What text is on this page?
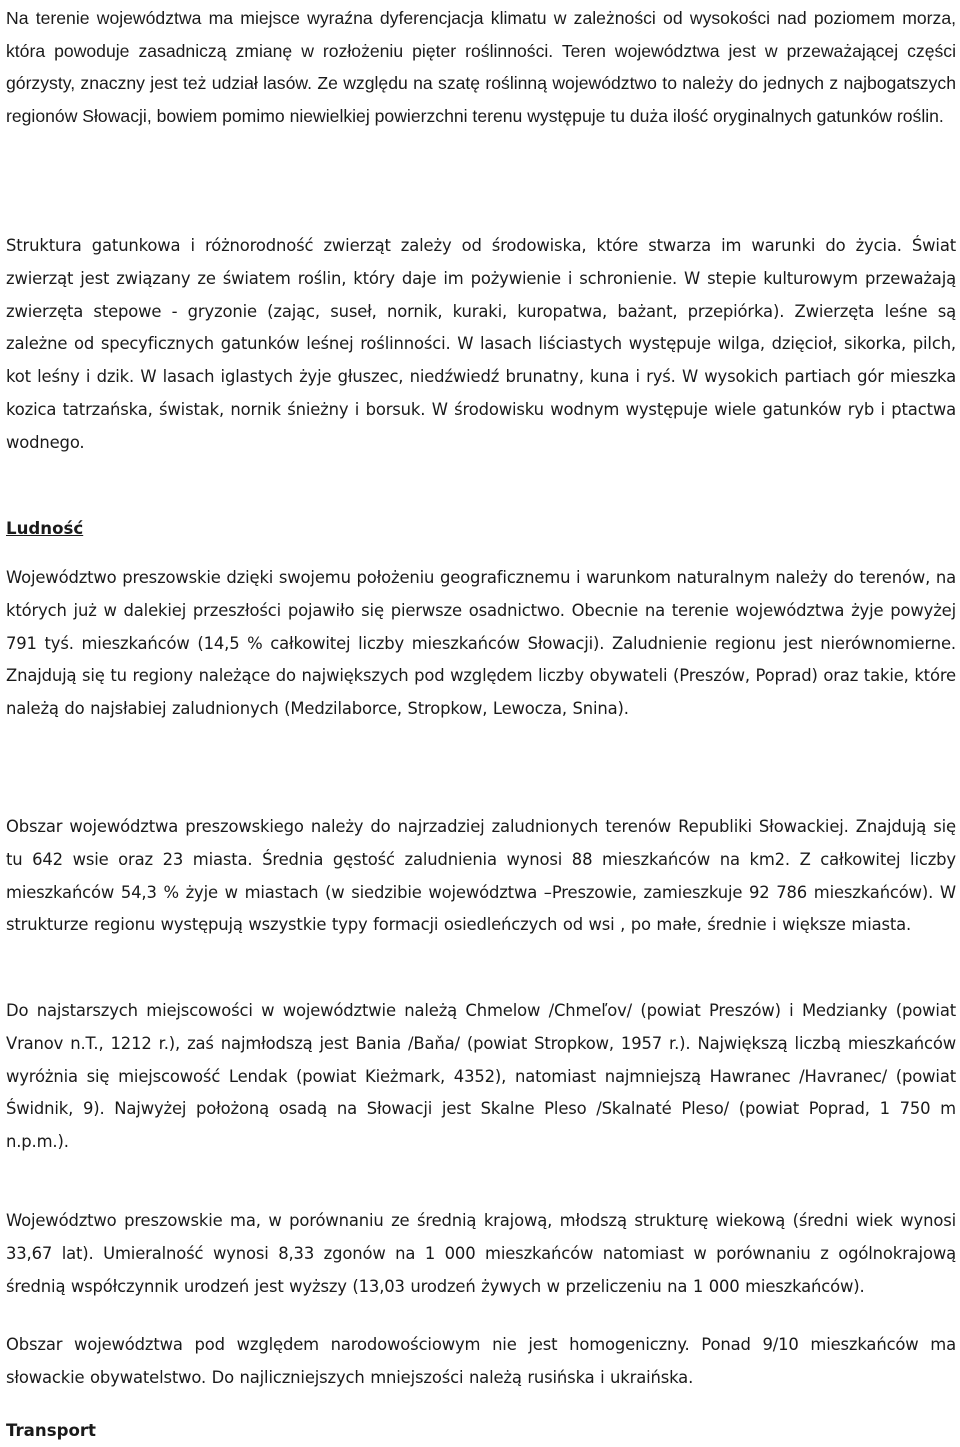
Na terenie województwa ma miejsce wyraźna dyferencjacja klimatu w zależności od wysokości nad poziomem morza, która powoduje zasadniczą zmianę w rozłożeniu pięter roślinności. Teren województwa jest w przeważającej części górzysty, znaczny jest też udział lasów. Ze względu na szatę roślinną województwo to należy do jednych z najbogatszych regionów Słowacji, bowiem pomimo niewielkiej powierzchni terenu występuje tu duża ilość oryginalnych gatunków roślin.

Struktura gatunkowa i różnorodność zwierząt zależy od środowiska, które stwarza im warunki do życia. Świat zwierząt jest związany ze światem roślin, który daje im pożywienie i schronienie. W stepie kulturowym przeważają zwierzęta stepowe - gryzonie (zając, suseł, nornik, kuraki, kuropatwa, bażant, przepiórka). Zwierzęta leśne są zależne od specyficznych gatunków leśnej roślinności. W lasach liściastych występuje wilga, dzięcioł, sikorka, pilch, kot leśny i dzik. W lasach iglastych żyje głuszec, niedźwiedź brunatny, kuna i ryś. W wysokich partiach gór mieszka kozica tatrzańska, świstak, nornik śnieżny i borsuk. W środowisku wodnym występuje wiele gatunków ryb i ptactwa wodnego.

Ludność

Województwo preszowskie dzięki swojemu położeniu geograficznemu i warunkom naturalnym należy do terenów, na których już w dalekiej przeszłości pojawiło się pierwsze osadnictwo. Obecnie na terenie województwa żyje powyżej 791 tyś. mieszkańców (14,5 % całkowitej liczby mieszkańców Słowacji). Zaludnienie regionu jest nierównomierne. Znajdują się tu regiony należące do największych pod względem liczby obywateli (Preszów, Poprad) oraz takie, które należą do najsłabiej zaludnionych (Medzilaborce, Stropkow, Lewocza, Snina).

Obszar województwa preszowskiego należy do najrzadziej zaludnionych terenów Republiki Słowackiej. Znajdują się tu 642 wsie oraz 23 miasta. Średnia gęstość zaludnienia wynosi 88 mieszkańców na km2. Z całkowitej liczby mieszkańców 54,3 % żyje w miastach (w siedzibie województwa –Preszowie, zamieszkuje 92 786 mieszkańców). W strukturze regionu występują wszystkie typy formacji osiedleńczych od wsi , po małe, średnie i większe miasta.

Do najstarszych miejscowości w województwie należą Chmelow /Chmeľov/ (powiat Preszów) i Medzianky (powiat Vranov n.T., 1212 r.), zaś najmłodszą jest Bania /Baňa/ (powiat Stropkow, 1957 r.). Największą liczbą mieszkańców wyróżnia się miejscowość Lendak (powiat Kieżmark, 4352), natomiast najmniejszą Hawranec /Havranec/ (powiat Świdnik, 9). Najwyżej położoną osadą na Słowacji jest Skalne Pleso /Skalnaté Pleso/ (powiat Poprad, 1 750 m n.p.m.).

Województwo preszowskie ma, w porównaniu ze średnią krajową, młodszą strukturę wiekową (średni wiek wynosi 33,67 lat). Umieralność wynosi 8,33 zgonów na 1 000 mieszkańców natomiast w porównaniu z ogólnokrajową średnią współczynnik urodzeń jest wyższy (13,03 urodzeń żywych w przeliczeniu na 1 000 mieszkańców).

Obszar województwa pod względem narodowościowym nie jest homogeniczny. Ponad 9/10 mieszkańców ma słowackie obywatelstwo. Do najliczniejszych mniejszości należą rusińska i ukraińska.

Transport
